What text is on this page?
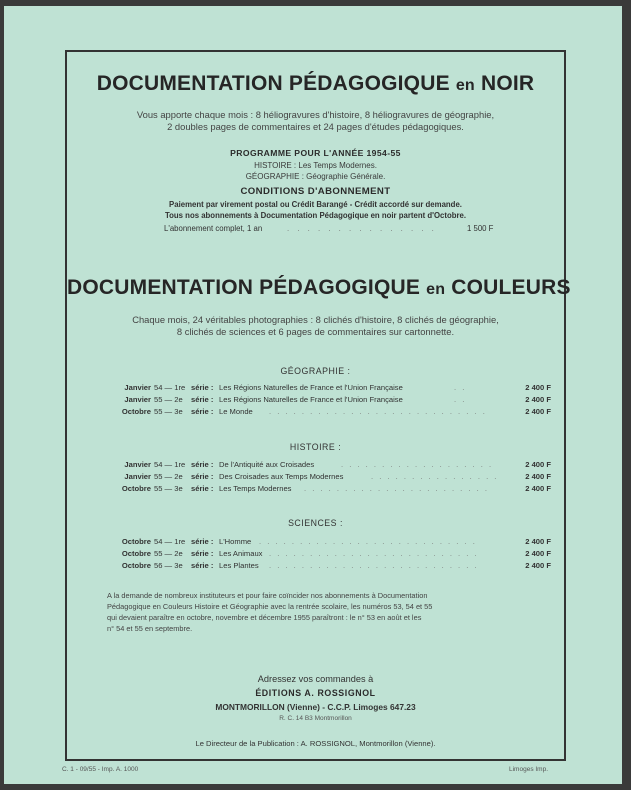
DOCUMENTATION PÉDAGOGIQUE en NOIR
Vous apporte chaque mois : 8 héliogravures d'histoire, 8 héliogravures de géographie,
2 doubles pages de commentaires et 24 pages d'études pédagogiques.
PROGRAMME POUR L'ANNÉE 1954-55
HISTOIRE : Les Temps Modernes.
GÉOGRAPHIE : Géographie Générale.
CONDITIONS D'ABONNEMENT
Paiement par virement postal ou Crédit Barangé - Crédit accordé sur demande.
Tous nos abonnements à Documentation Pédagogique en noir partent d'Octobre.
L'abonnement complet, 1 an	. . . . . . . . . . . . . . .	1 500 F
DOCUMENTATION PÉDAGOGIQUE en COULEURS
Chaque mois, 24 véritables photographies : 8 clichés d'histoire, 8 clichés de géographie,
8 clichés de sciences et 6 pages de commentaires sur cartonnette.
GÉOGRAPHIE :
Janvier 54 — 1re série : Les Régions Naturelles de France et l'Union Française	. .	2 400 F
Janvier 55 — 2e série : Les Régions Naturelles de France et l'Union Française	. .	2 400 F
Octobre 55 — 3e série : Le Monde . . . . . . . . . . . . . . . . . . . . . . . . . . .	2 400 F
HISTOIRE :
Janvier 54 — 1re série : De l'Antiquité aux Croisades	. . . . . . . . . . . . . . . . . . .	2 400 F
Janvier 55 — 2e série : Des Croisades aux Temps Modernes	. . . . . . . . . . . . . . . .	2 400 F
Octobre 55 — 3e série : Les Temps Modernes . . . . . . . . . . . . . . . . . . . . . . .	2 400 F
SCIENCES :
Octobre 54 — 1re série : L'Homme . . . . . . . . . . . . . . . . . . . . . . . . . . .	2 400 F
Octobre 55 — 2e série : Les Animaux . . . . . . . . . . . . . . . . . . . . . . . . . .	2 400 F
Octobre 56 — 3e série : Les Plantes . . . . . . . . . . . . . . . . . . . . . . . . . .	2 400 F
A la demande de nombreux instituteurs et pour faire coïncider nos abonnements à Documentation
Pédagogique en Couleurs Histoire et Géographie avec la rentrée scolaire, les numéros 53, 54 et 55
qui devaient paraître en octobre, novembre et décembre 1955 paraîtront : le n° 53 en août et les
n° 54 et 55 en septembre.
Adressez vos commandes à
ÉDITIONS A. ROSSIGNOL
MONTMORILLON (Vienne) - C.C.P. Limoges 647.23
R. C. 14 B3 Montmorillon
Le Directeur de la Publication : A. ROSSIGNOL, Montmorillon (Vienne).
C. 1 - 09/55 - Imp. A. 1000	Limoges Imp.
